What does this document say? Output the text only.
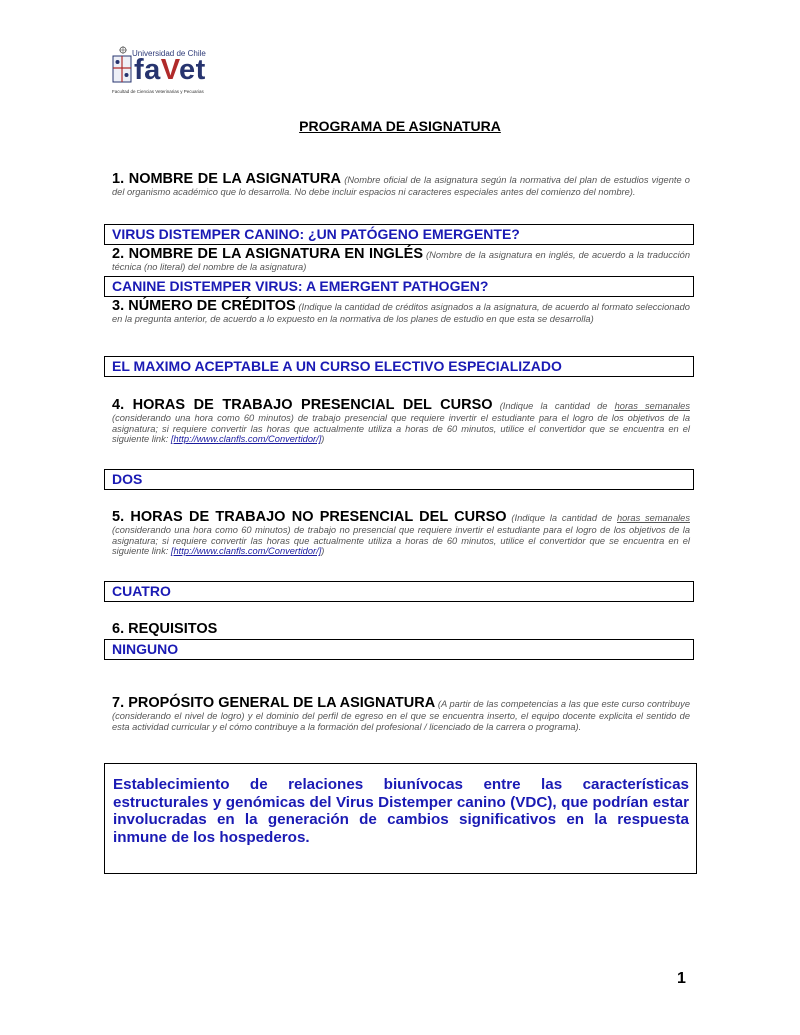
Universidad de Chile
faVet
Facultad de Ciencias Veterinarias y Pecuarias
PROGRAMA DE ASIGNATURA
1. NOMBRE DE LA ASIGNATURA (Nombre oficial de la asignatura según la normativa del plan de estudios vigente o del organismo académico que lo desarrolla. No debe incluir espacios ni caracteres especiales antes del comienzo del nombre).
VIRUS DISTEMPER CANINO: ¿UN PATÓGENO EMERGENTE?
2. NOMBRE DE LA ASIGNATURA EN INGLÉS (Nombre de la asignatura en inglés, de acuerdo a la traducción técnica (no literal) del nombre de la asignatura)
CANINE DISTEMPER VIRUS: A EMERGENT PATHOGEN?
3. NÚMERO DE CRÉDITOS (Indique la cantidad de créditos asignados a la asignatura, de acuerdo al formato seleccionado en la pregunta anterior, de acuerdo a lo expuesto en la normativa de los planes de estudio en que esta se desarrolla)
EL MAXIMO ACEPTABLE A UN CURSO ELECTIVO ESPECIALIZADO
4. HORAS DE TRABAJO PRESENCIAL DEL CURSO (Indique la cantidad de horas semanales (considerando una hora como 60 minutos) de trabajo presencial que requiere invertir el estudiante para el logro de los objetivos de la asignatura; si requiere convertir las horas que actualmente utiliza a horas de 60 minutos, utilice el convertidor que se encuentra en el siguiente link: [http://www.clanfls.com/Convertidor/])
DOS
5. HORAS DE TRABAJO NO PRESENCIAL DEL CURSO (Indique la cantidad de horas semanales (considerando una hora como 60 minutos) de trabajo no presencial que requiere invertir el estudiante para el logro de los objetivos de la asignatura; si requiere convertir las horas que actualmente utiliza a horas de 60 minutos, utilice el convertidor que se encuentra en el siguiente link: [http://www.clanfls.com/Convertidor/])
CUATRO
6. REQUISITOS
NINGUNO
7. PROPÓSITO GENERAL DE LA ASIGNATURA (A partir de las competencias a las que este curso contribuye (considerando el nivel de logro) y el dominio del perfil de egreso en el que se encuentra inserto, el equipo docente explicita el sentido de esta actividad curricular y el cómo contribuye a la formación del profesional / licenciado de la carrera o programa).

Establecimiento de relaciones biunívocas entre las características estructurales y genómicas del Virus Distemper canino (VDC), que podrían estar involucradas en la generación de cambios significativos en la respuesta inmune de los hospederos.

1
